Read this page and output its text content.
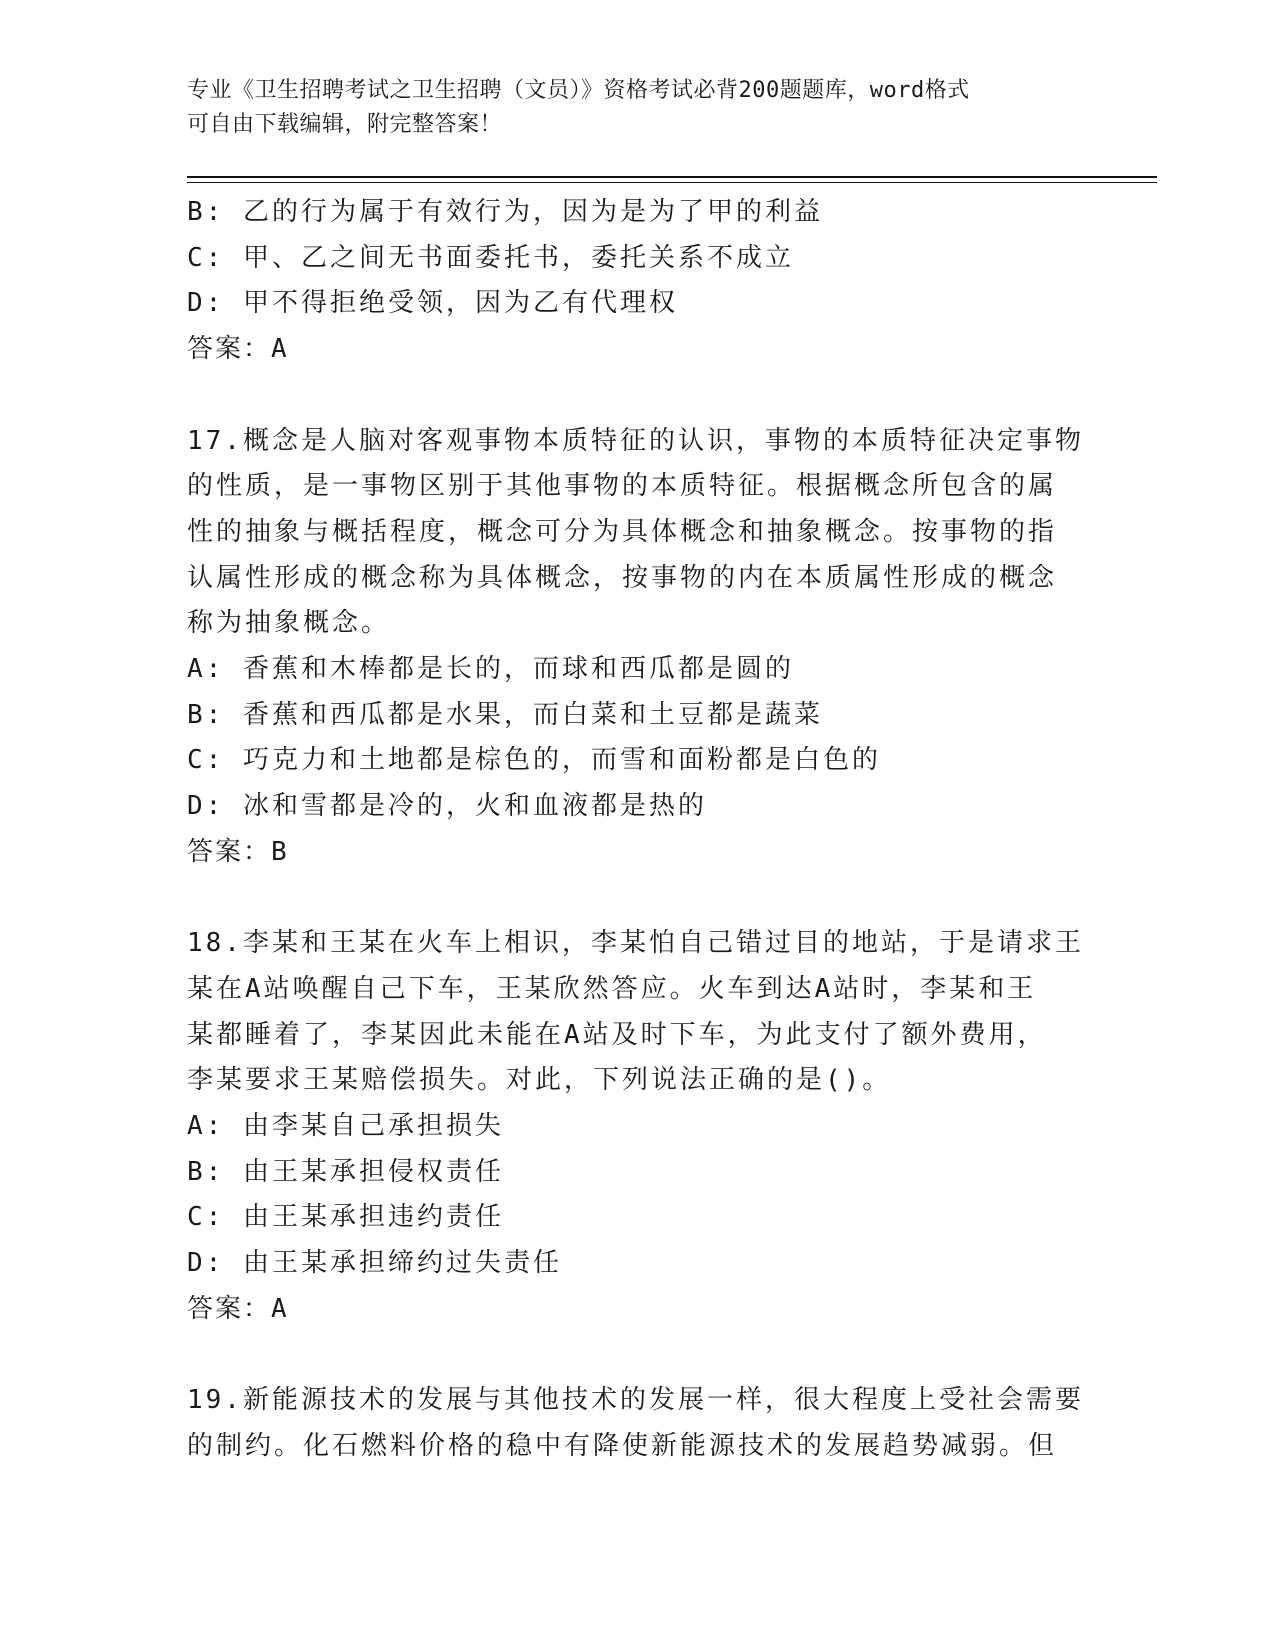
专业《卫生招聘考试之卫生招聘（文员）》资格考试必背200题题库，word格式
可自由下载编辑，附完整答案！
B: 乙的行为属于有效行为，因为是为了甲的利益
C: 甲、乙之间无书面委托书，委托关系不成立
D: 甲不得拒绝受领，因为乙有代理权
答案：A
17.概念是人脑对客观事物本质特征的认识，事物的本质特征决定事物
的性质，是一事物区别于其他事物的本质特征。根据概念所包含的属
性的抽象与概括程度，概念可分为具体概念和抽象概念。按事物的指
认属性形成的概念称为具体概念，按事物的内在本质属性形成的概念
称为抽象概念。
A: 香蕉和木棒都是长的，而球和西瓜都是圆的
B: 香蕉和西瓜都是水果，而白菜和土豆都是蔬菜
C: 巧克力和土地都是棕色的，而雪和面粉都是白色的
D: 冰和雪都是冷的，火和血液都是热的
答案：B
18.李某和王某在火车上相识，李某怕自己错过目的地站，于是请求王
某在A站唤醒自己下车，王某欣然答应。火车到达A站时，李某和王
某都睡着了，李某因此未能在A站及时下车，为此支付了额外费用，
李某要求王某赔偿损失。对此，下列说法正确的是()。
A: 由李某自己承担损失
B: 由王某承担侵权责任
C: 由王某承担违约责任
D: 由王某承担缔约过失责任
答案：A
19.新能源技术的发展与其他技术的发展一样，很大程度上受社会需要
的制约。化石燃料价格的稳中有降使新能源技术的发展趋势减弱。但
